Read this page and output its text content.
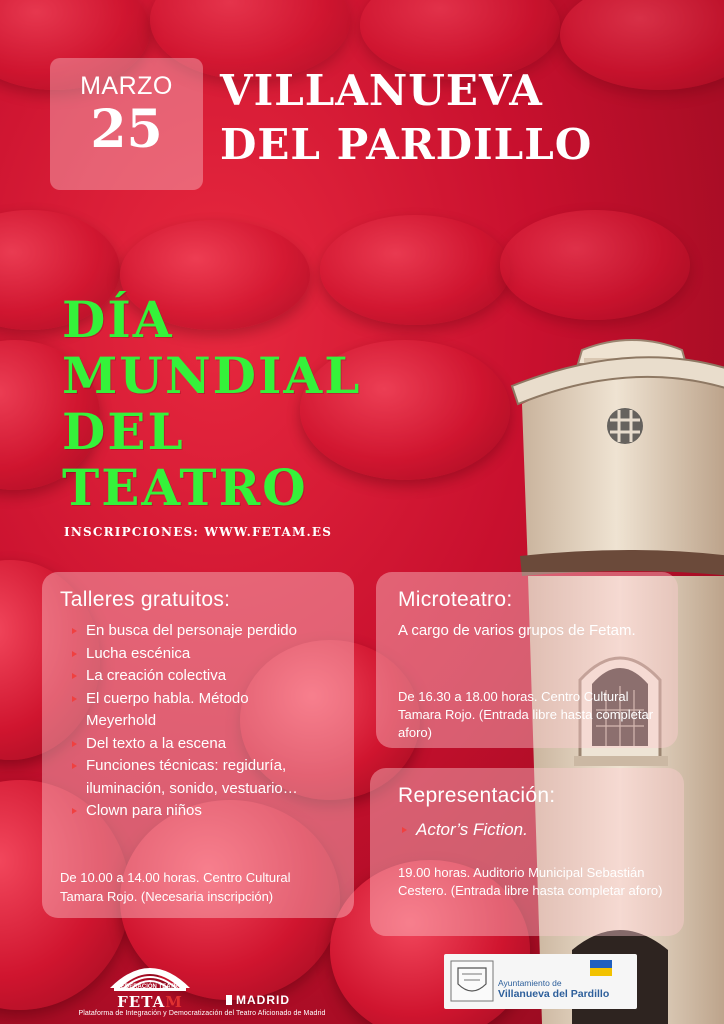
MARZO
25
VILLANUEVA
DEL PARDILLO
DÍA
MUNDIAL
DEL
TEATRO
INSCRIPCIONES: WWW.FETAM.ES
Talleres gratuitos:
En busca del personaje perdido
Lucha escénica
La creación colectiva
El cuerpo habla. Método
Meyerhold
Del texto a la escena
Funciones técnicas: regiduría,
iluminación, sonido, vestuario…
Clown para niños
De 10.00 a 14.00 horas. Centro Cultural
Tamara Rojo. (Necesaria inscripción)
Microteatro:
A cargo de varios grupos de Fetam.
De 16.30 a 18.00 horas. Centro Cultural Tamara Rojo. (Entrada libre hasta completar aforo)
Representación:
Actor’s Fiction.
19.00 horas. Auditorio Municipal Sebastián Cestero. (Entrada libre hasta completar aforo)
FETAM
FEDERACIÓN TEATRO
Plataforma de Integración y Democratización del Teatro Aficionado de Madrid
MADRID
Ayuntamiento de
Villanueva del Pardillo
